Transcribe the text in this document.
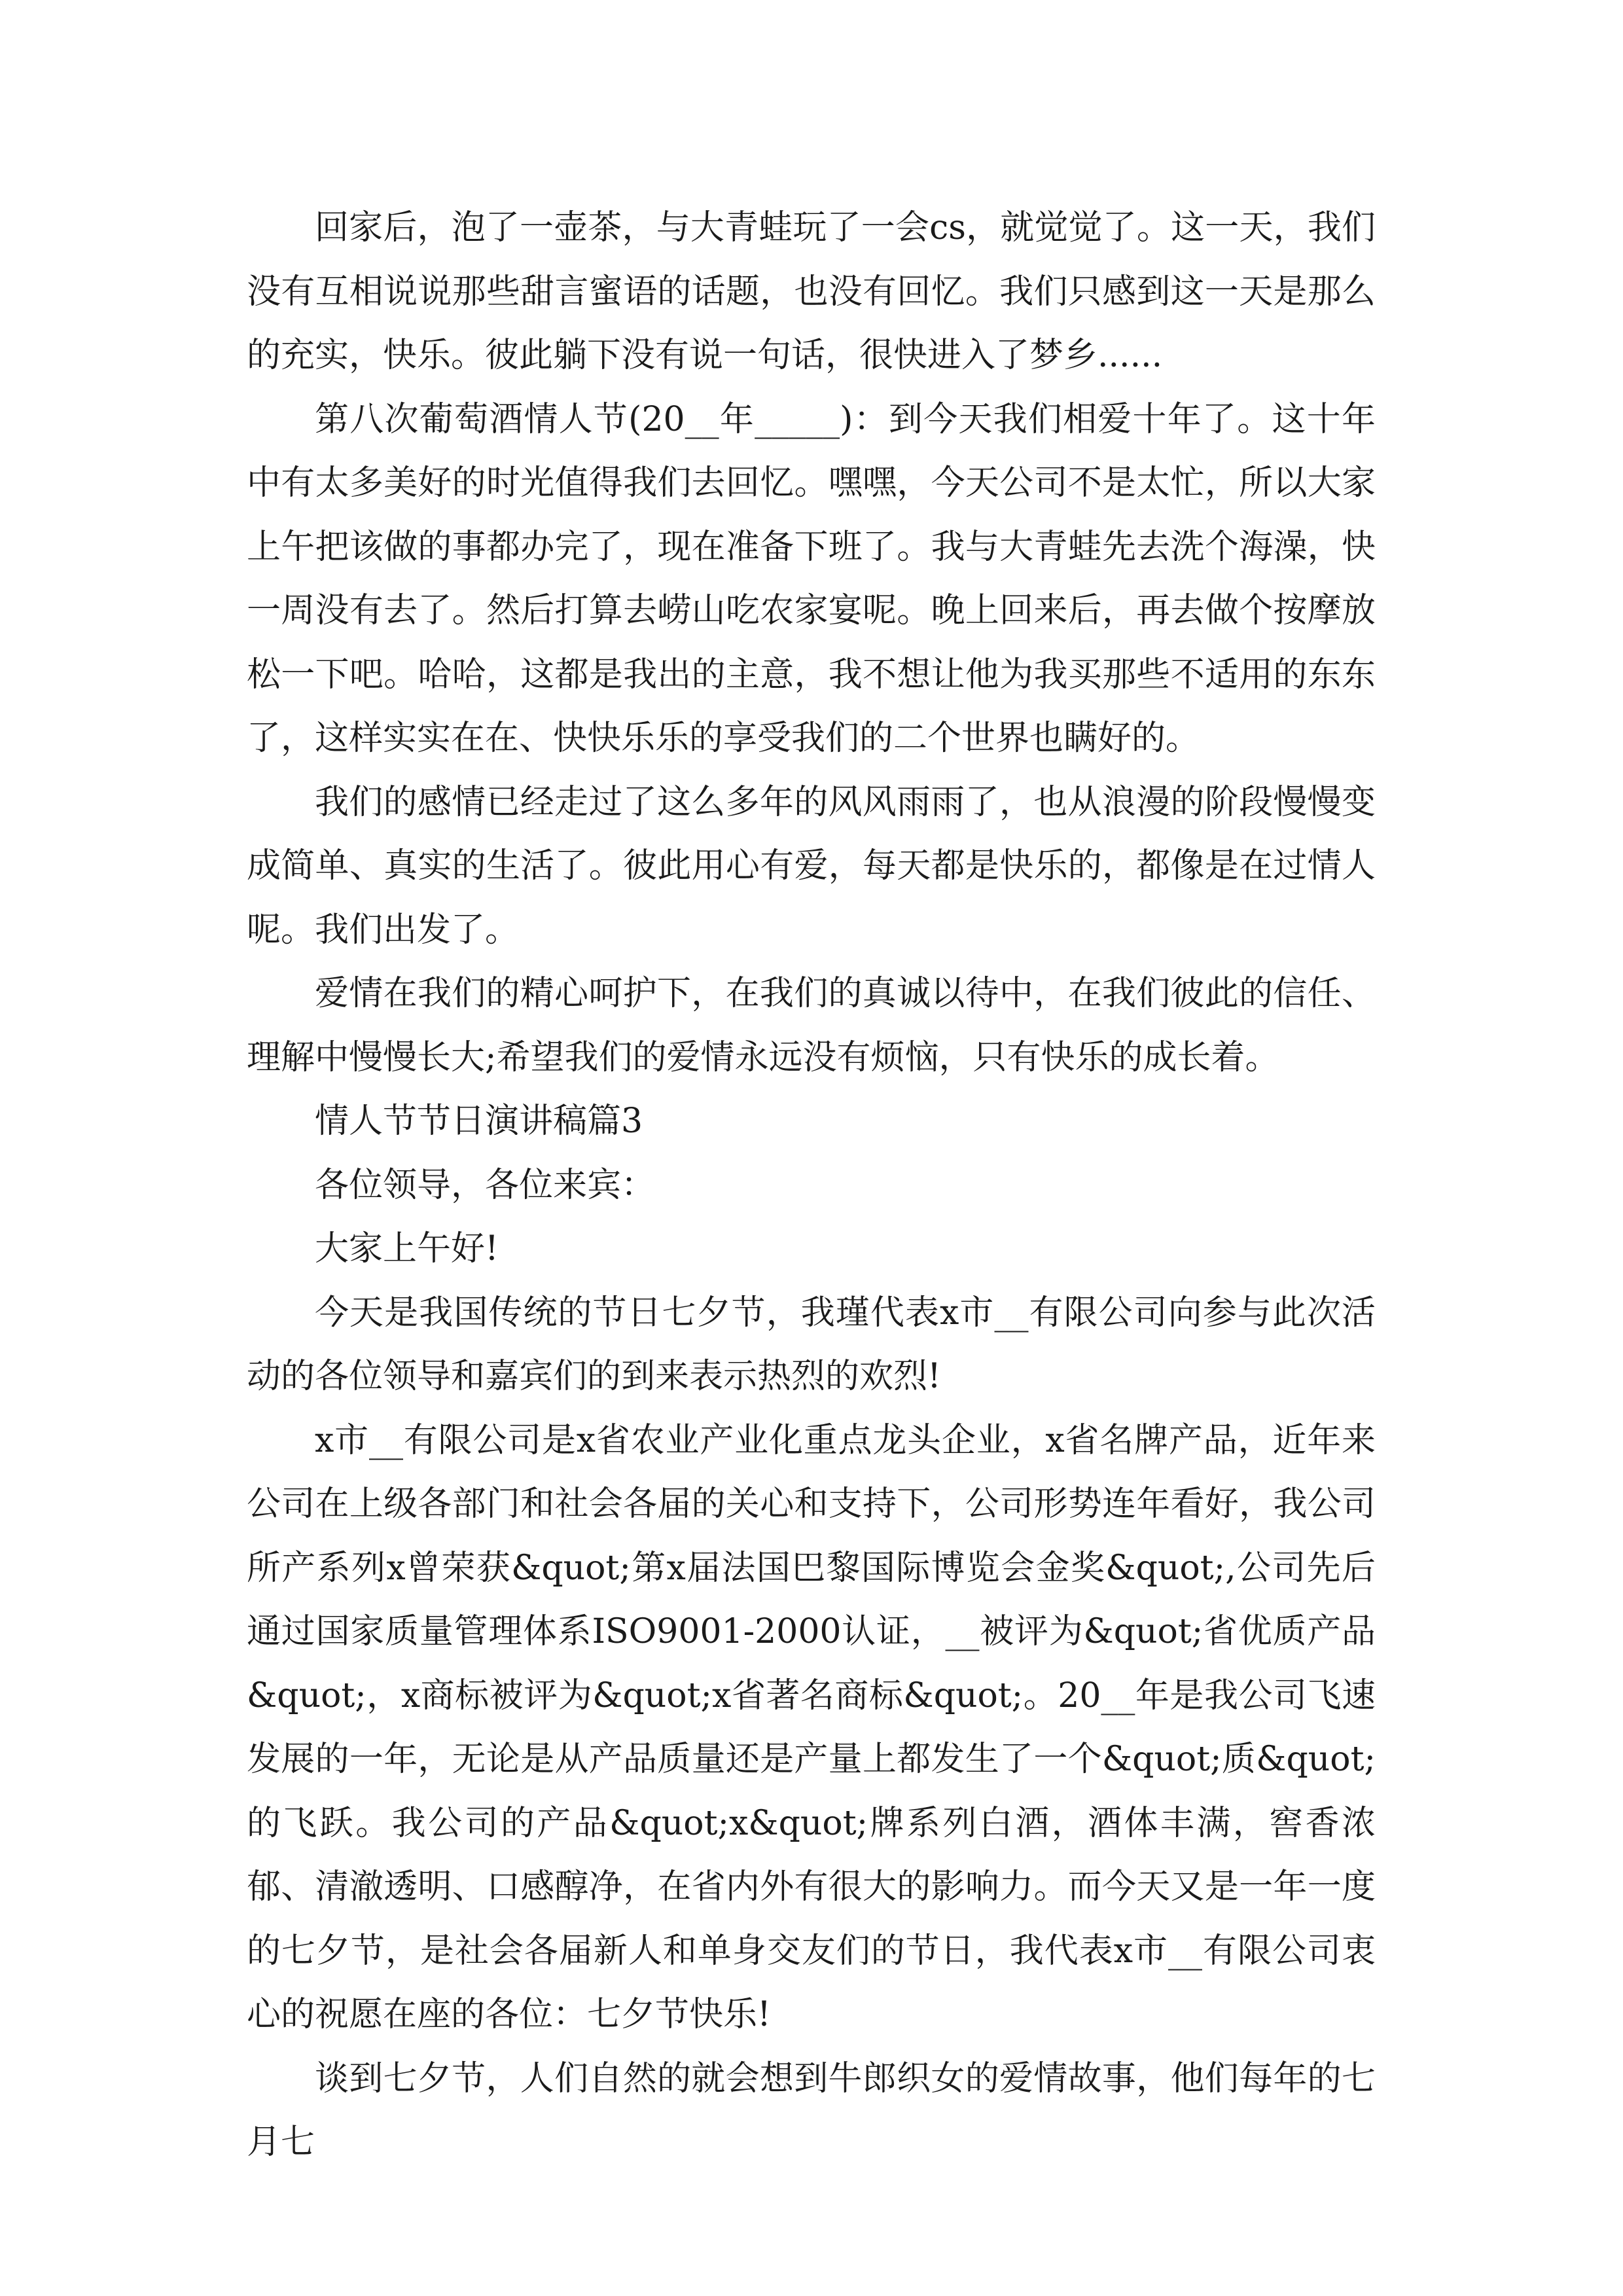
回家后，泡了一壶茶，与大青蛙玩了一会cs，就觉觉了。这一天，我们没有互相说说那些甜言蜜语的话题，也没有回忆。我们只感到这一天是那么的充实，快乐。彼此躺下没有说一句话，很快进入了梦乡......

第八次葡萄酒情人节(20__年_____)：到今天我们相爱十年了。这十年中有太多美好的时光值得我们去回忆。嘿嘿，今天公司不是太忙，所以大家上午把该做的事都办完了，现在准备下班了。我与大青蛙先去洗个海澡，快一周没有去了。然后打算去崂山吃农家宴呢。晚上回来后，再去做个按摩放松一下吧。哈哈，这都是我出的主意，我不想让他为我买那些不适用的东东了，这样实实在在、快快乐乐的享受我们的二个世界也瞒好的。

我们的感情已经走过了这么多年的风风雨雨了，也从浪漫的阶段慢慢变成简单、真实的生活了。彼此用心有爱，每天都是快乐的，都像是在过情人呢。我们出发了。

爱情在我们的精心呵护下，在我们的真诚以待中，在我们彼此的信任、理解中慢慢长大;希望我们的爱情永远没有烦恼，只有快乐的成长着。

情人节节日演讲稿篇3

各位领导，各位来宾：

大家上午好!

今天是我国传统的节日七夕节，我瑾代表x市__有限公司向参与此次活动的各位领导和嘉宾们的到来表示热烈的欢烈!

x市__有限公司是x省农业产业化重点龙头企业，x省名牌产品，近年来公司在上级各部门和社会各届的关心和支持下，公司形势连年看好，我公司所产系列x曾荣获&quot;第x届法国巴黎国际博览会金奖&quot;,公司先后通过国家质量管理体系ISO9001-2000认证，__被评为&quot;省优质产品&quot;，x商标被评为&quot;x省著名商标&quot;。20__年是我公司飞速发展的一年，无论是从产品质量还是产量上都发生了一个&quot;质&quot;的飞跃。我公司的产品&quot;x&quot;牌系列白酒，酒体丰满，窖香浓郁、清澈透明、口感醇净，在省内外有很大的影响力。而今天又是一年一度的七夕节，是社会各届新人和单身交友们的节日，我代表x市__有限公司衷心的祝愿在座的各位：七夕节快乐!

谈到七夕节，人们自然的就会想到牛郎织女的爱情故事，他们每年的七月七
